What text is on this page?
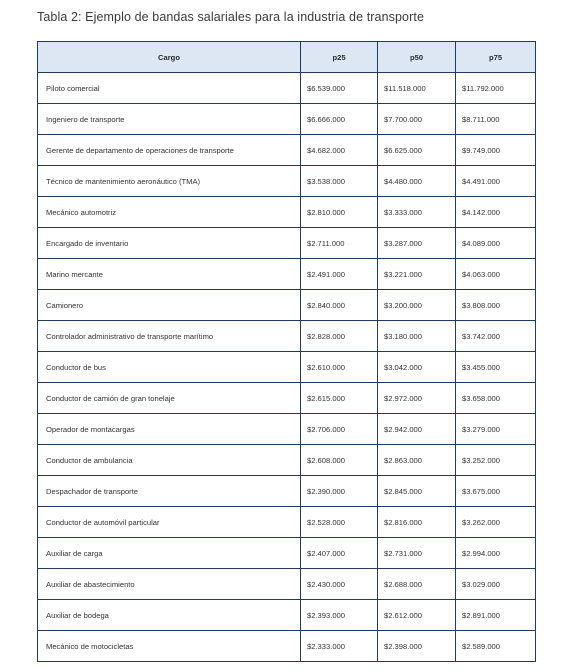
Tabla 2: Ejemplo de bandas salariales para la industria de transporte
Cargo	p25	p50	p75
Piloto comercial	$6.539.000	$11.518.000	$11.792.000
Ingeniero de transporte	$6.666.000	$7.700.000	$8.711.000
Gerente de departamento de operaciones de transporte	$4.682.000	$6.625.000	$9.749.000
Técnico de mantenimiento aeronáutico (TMA)	$3.538.000	$4.480.000	$4.491.000
Mecánico automotriz	$2.810.000	$3.333.000	$4.142.000
Encargado de inventario	$2.711.000	$3.287.000	$4.089.000
Marino mercante	$2.491.000	$3.221.000	$4.063.000
Camionero	$2.840.000	$3.200.000	$3.808.000
Controlador administrativo de transporte marítimo	$2.828.000	$3.180.000	$3.742.000
Conductor de bus	$2.610.000	$3.042.000	$3.455.000
Conductor de camión de gran tonelaje	$2.615.000	$2.972.000	$3.658.000
Operador de montacargas	$2.706.000	$2.942.000	$3.279.000
Conductor de ambulancia	$2.608.000	$2.863.000	$3.252.000
Despachador de transporte	$2.390.000	$2.845.000	$3.675.000
Conductor de automóvil particular	$2.528.000	$2.816.000	$3.262.000
Auxiliar de carga	$2.407.000	$2.731.000	$2.994.000
Auxiliar de abastecimiento	$2.430.000	$2.688.000	$3.029.000
Auxiliar de bodega	$2.393.000	$2.612.000	$2.891.000
Mecánico de motocicletas	$2.333.000	$2.398.000	$2.589.000
